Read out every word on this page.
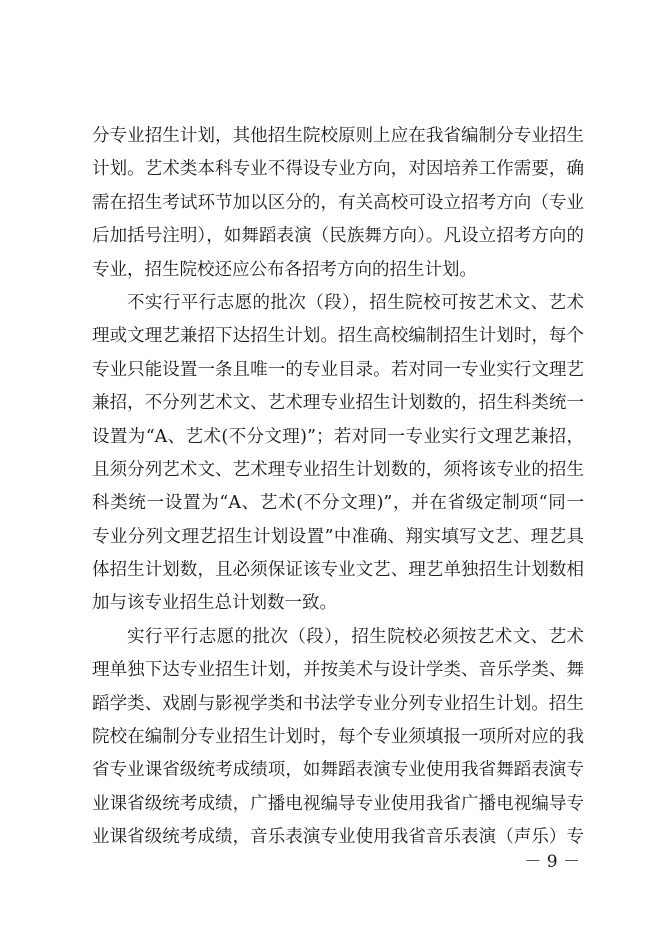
分专业招生计划，其他招生院校原则上应在我省编制分专业招生
计划。艺术类本科专业不得设专业方向，对因培养工作需要，确
需在招生考试环节加以区分的，有关高校可设立招考方向（专业
后加括号注明），如舞蹈表演（民族舞方向）。凡设立招考方向的
专业，招生院校还应公布各招考方向的招生计划。
不实行平行志愿的批次（段），招生院校可按艺术文、艺术
理或文理艺兼招下达招生计划。招生高校编制招生计划时，每个
专业只能设置一条且唯一的专业目录。若对同一专业实行文理艺
兼招，不分列艺术文、艺术理专业招生计划数的，招生科类统一
设置为“A、艺术(不分文理)”；若对同一专业实行文理艺兼招，
且须分列艺术文、艺术理专业招生计划数的，须将该专业的招生
科类统一设置为“A、艺术(不分文理)”，并在省级定制项“同一
专业分列文理艺招生计划设置”中准确、翔实填写文艺、理艺具
体招生计划数，且必须保证该专业文艺、理艺单独招生计划数相
加与该专业招生总计划数一致。
实行平行志愿的批次（段），招生院校必须按艺术文、艺术
理单独下达专业招生计划，并按美术与设计学类、音乐学类、舞
蹈学类、戏剧与影视学类和书法学专业分列专业招生计划。招生
院校在编制分专业招生计划时，每个专业须填报一项所对应的我
省专业课省级统考成绩项，如舞蹈表演专业使用我省舞蹈表演专
业课省级统考成绩，广播电视编导专业使用我省广播电视编导专
业课省级统考成绩，音乐表演专业使用我省音乐表演（声乐）专
－ 9 －
